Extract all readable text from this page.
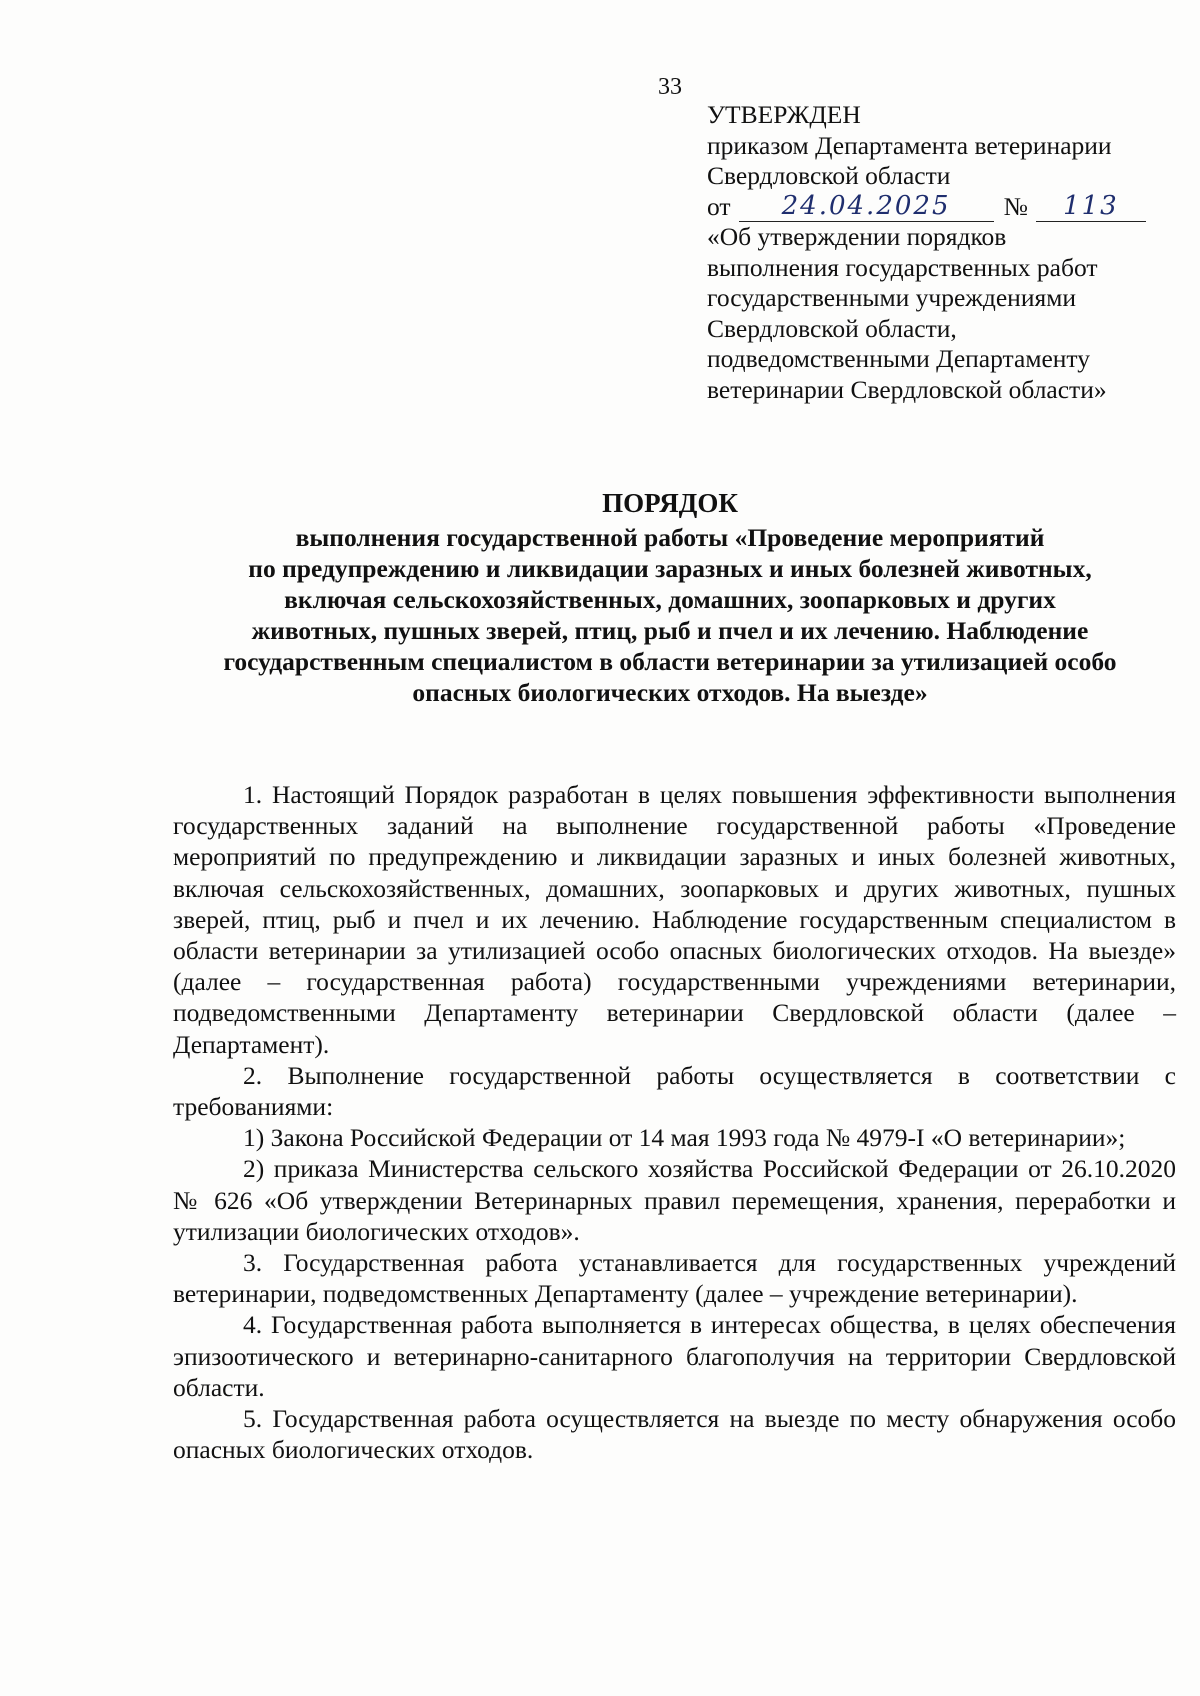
33
УТВЕРЖДЕН
приказом Департамента ветеринарии
Свердловской области
от	24.04.2025	№	113
«Об утверждении порядков
выполнения государственных работ
государственными учреждениями
Свердловской области,
подведомственными Департаменту
ветеринарии Свердловской области»
ПОРЯДОК
выполнения государственной работы «Проведение мероприятий
по предупреждению и ликвидации заразных и иных болезней животных,
включая сельскохозяйственных, домашних, зоопарковых и других
животных, пушных зверей, птиц, рыб и пчел и их лечению. Наблюдение
государственным специалистом в области ветеринарии за утилизацией особо
опасных биологических отходов. На выезде»

1. Настоящий Порядок разработан в целях повышения эффективности выполнения государственных заданий на выполнение государственной работы «Проведение мероприятий по предупреждению и ликвидации заразных и иных болезней животных, включая сельскохозяйственных, домашних, зоопарковых и других животных, пушных зверей, птиц, рыб и пчел и их лечению. Наблюдение государственным специалистом в области ветеринарии за утилизацией особо опасных биологических отходов. На выезде» (далее – государственная работа) государственными учреждениями ветеринарии, подведомственными Департаменту ветеринарии Свердловской области (далее – Департамент).

2. Выполнение государственной работы осуществляется в соответствии с требованиями:

1) Закона Российской Федерации от 14 мая 1993 года № 4979-I «О ветеринарии»;

2) приказа Министерства сельского хозяйства Российской Федерации от 26.10.2020 № 626 «Об утверждении Ветеринарных правил перемещения, хранения, переработки и утилизации биологических отходов».

3. Государственная работа устанавливается для государственных учреждений ветеринарии, подведомственных Департаменту (далее – учреждение ветеринарии).

4. Государственная работа выполняется в интересах общества, в целях обеспечения эпизоотического и ветеринарно-санитарного благополучия на территории Свердловской области.

5. Государственная работа осуществляется на выезде по месту обнаружения особо опасных биологических отходов.
